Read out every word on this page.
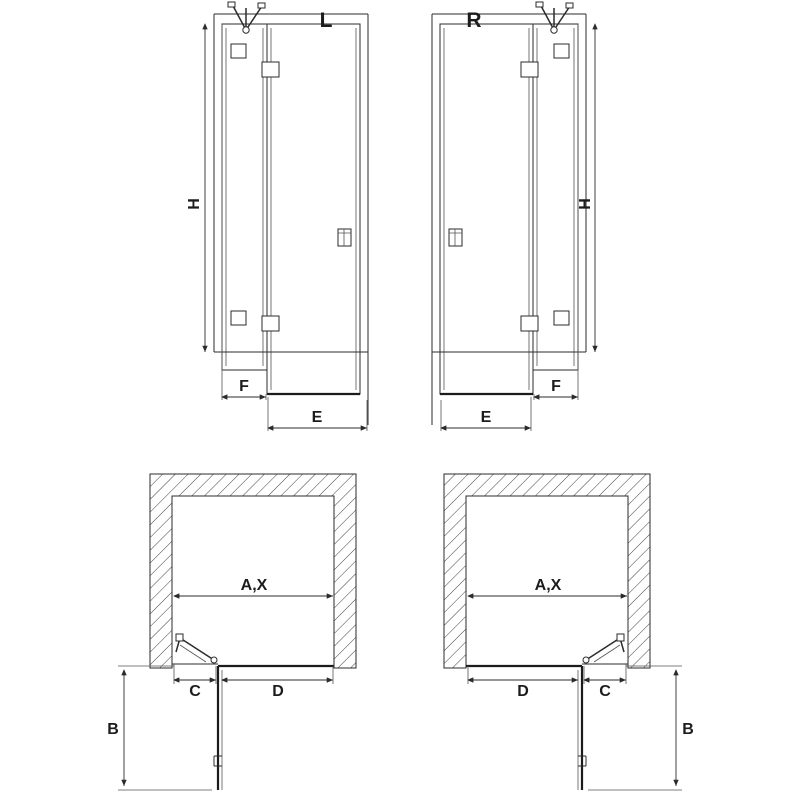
H
F
E
L
H
E
F
R
A,X
C	D
B
A,X
D	C
B
